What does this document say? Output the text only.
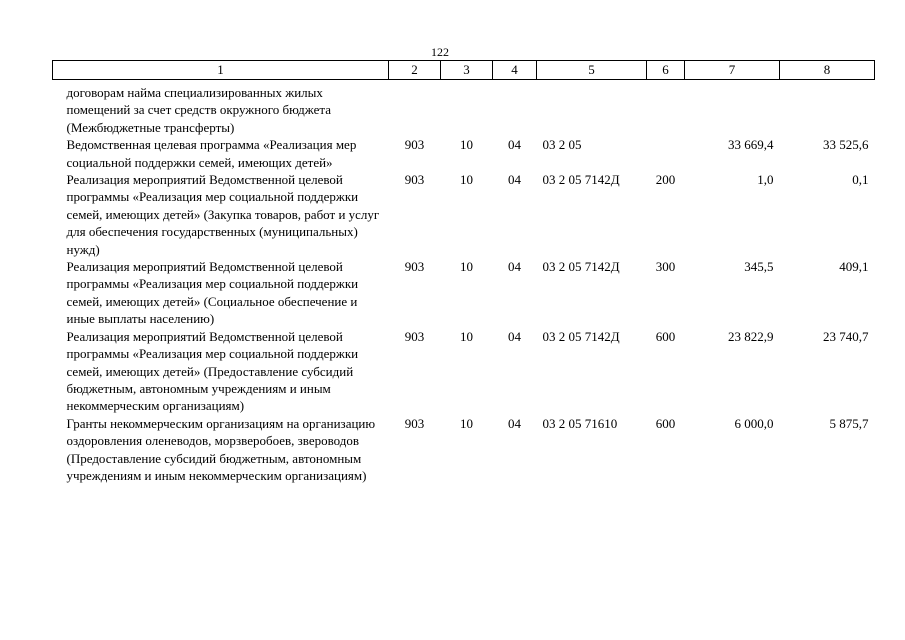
122
1	2	3	4	5	6	7	8
договорам найма специализированных жилых помещений за счет средств окружного бюджета (Межбюджетные трансферты)							
Ведомственная целевая программа «Реализация мер социальной поддержки семей, имеющих детей»	903	10	04	03 2 05		33 669,4	33 525,6
Реализация мероприятий Ведомственной целевой программы «Реализация мер социальной поддержки семей, имеющих детей» (Закупка товаров, работ и услуг для обеспечения государственных (муниципальных) нужд)	903	10	04	03 2 05 7142Д	200	1,0	0,1
Реализация мероприятий Ведомственной целевой программы «Реализация мер социальной поддержки семей, имеющих детей» (Социальное обеспечение и иные выплаты населению)	903	10	04	03 2 05 7142Д	300	345,5	409,1
Реализация мероприятий Ведомственной целевой программы «Реализация мер социальной поддержки семей, имеющих детей» (Предоставление субсидий бюджетным, автономным учреждениям и иным некоммерческим организациям)	903	10	04	03 2 05 7142Д	600	23 822,9	23 740,7
Гранты некоммерческим организациям на организацию оздоровления оленеводов, морзверобоев, звероводов (Предоставление субсидий бюджетным, автономным учреждениям и иным некоммерческим организациям)	903	10	04	03 2 05 71610	600	6 000,0	5 875,7
